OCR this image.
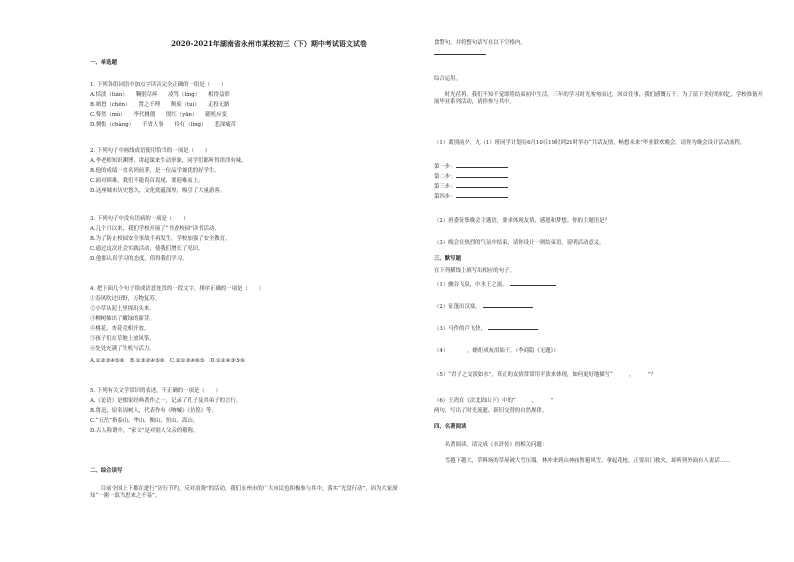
2020-2021年湖南省永州市某校初三（下）期中考试语文试卷
一、单选题
1. 下列各组词语中加点字读音完全正确的一组是（　　）
A.恬淡（tián）　　鞠躬尽瘁　　凌驾（líng）　　相得益彰
B.嗔怒（chēn）　　置之不理　　颓废（tuí）　　走投无路
C.蓦然（mò）　　李代桃僵　　殷红（yān）　　随机应变
D.惆怅（chàng）　　不省人事　　伶仃（líng）　　悲深痛苦
2. 下列句子中画线成语使用恰当的一项是（　　）
A.李老师知识渊博，讲起课来生动形象，同学们都听得津津有味。
B.他的成绩一直名列前茅，是一位品学兼优的好学生。
C.面对困难，我们不能畏首畏尾，要迎难而上。
D.这座城市历史悠久，文化底蕴深厚，吸引了大量游客。
3. 下列句子中没有语病的一项是（　　）
A.几个月以来，我们学校开展了“书香校园”读书活动。
B.为了防止校园安全事故不再发生，学校加强了安全教育。
C.通过这次社会实践活动，使我们增长了见识。
D.他那认真学习的态度，值得我们学习。
4. 把下面几个句子组成语意连贯的一段文字，排序正确的一项是（　　）
①春风吹过田野，万物复苏。
②小草从泥土里探出头来。
③柳树抽出了嫩绿的新芽。
④桃花、杏花竞相开放。
⑤孩子们在草地上放风筝。
⑥处处充满了生机与活力。
A.①②③④⑤⑥　B.①③②④⑤⑥　C.②①③④⑥⑤　D.①②④③⑤⑥
5. 下列有关文学常识的表述，不正确的一项是（　　）
A.《论语》是儒家经典著作之一，记录了孔子及其弟子的言行。
B.鲁迅，原名周树人，代表作有《呐喊》《彷徨》等。
C.“五岳”指泰山、华山、衡山、恒山、嵩山。
D.古人称谓中，“家父”是对别人父亲的敬称。
二、综合读写
　　目前全国上下都在进行“厉行节约，反对浪费”的活动，我们永州市的广大市民也积极参与其中，落实“光盘行动”，因为大家深知“一粥一饭当思来之不易”。
食警句，并将整句话写在以下空格内。
综合运用。
　　时光荏苒，我们不知不觉即将结束初中生活。三年的学习时光匆匆而过，回首往事，我们感慨万千。为了留下美好的回忆，学校准备开展毕业系列活动，请你参与其中。
（1）离别前夕，九（1）班同学计划在6月10日19时到21时举办“共话友情，畅想未来”毕业联欢晚会。请你为晚会设计活动流程。
第一步：
第二步：
第三步：
第四步：
（2）班委征集晚会主题语，要求体现友情、感恩和梦想。你的主题语是？
（3）晚会在热烈的气氛中结束，请你设计一则结束语，说明活动意义。
三、默写题
在下列横线上填写出相应的句子。
（1）幽谷飞泉，中水王之流。
（2）征蓬出汉塞，
（3）马作的卢飞快，
（4）　　　　，蜡炬成灰泪始干。（李商隐《无题》）
（5）“君子之交淡如水”，真正的友情常常用平淡来体现，如何更好地描写“　　　，　　　”？
（6）王湾在《次北固山下》中的“　　　，　　　”
两句，写出了时光流逝、新旧交替的自然规律。
四、名著阅读
　　名著阅读。请完成《水浒传》的相关问题：
　　雪越下越大，草料场的草屋被大雪压塌。林冲来到山神庙暂避风雪，拿起花枪，正要出门救火，却听到外面有人说话……
